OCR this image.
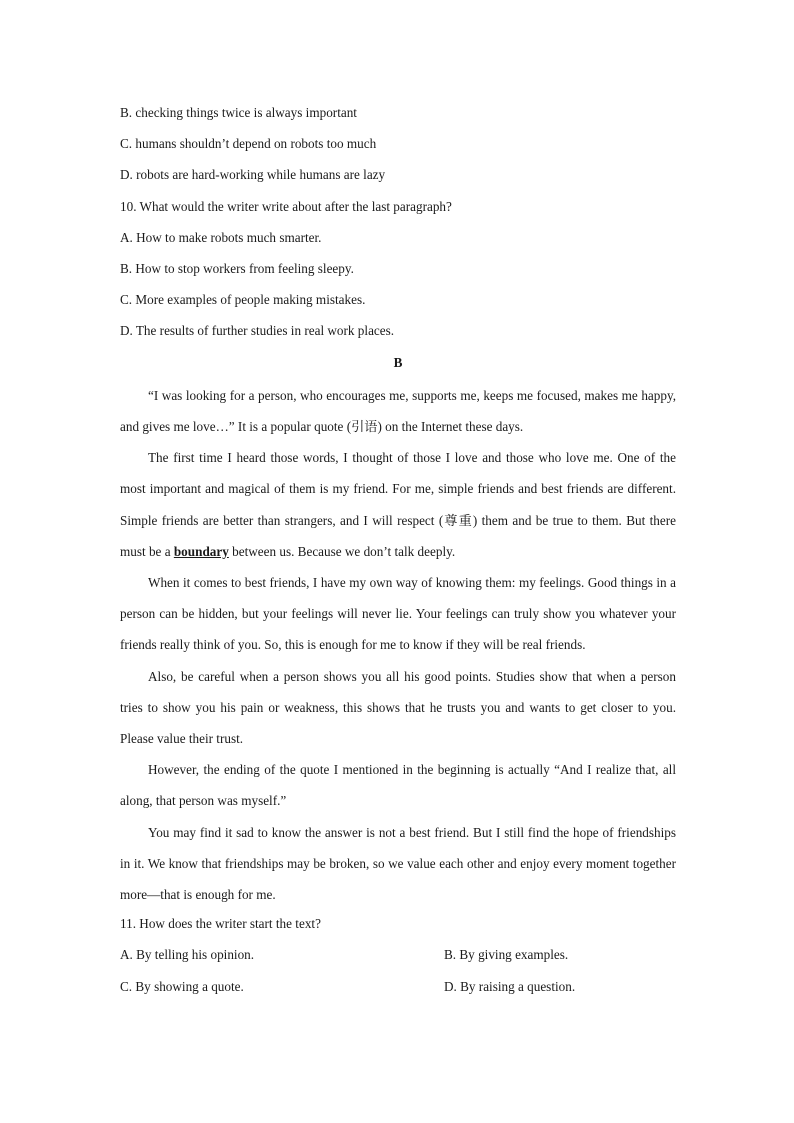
B. checking things twice is always important
C. humans shouldn’t depend on robots too much
D. robots are hard-working while humans are lazy
10. What would the writer write about after the last paragraph?
A. How to make robots much smarter.
B. How to stop workers from feeling sleepy.
C. More examples of people making mistakes.
D. The results of further studies in real work places.
B
“I was looking for a person, who encourages me, supports me, keeps me focused, makes me happy, and gives me love…” It is a popular quote (引语) on the Internet these days.
The first time I heard those words, I thought of those I love and those who love me. One of the most important and magical of them is my friend. For me, simple friends and best friends are different. Simple friends are better than strangers, and I will respect (尊重) them and be true to them. But there must be a boundary between us. Because we don’t talk deeply.
When it comes to best friends, I have my own way of knowing them: my feelings. Good things in a person can be hidden, but your feelings will never lie. Your feelings can truly show you whatever your friends really think of you. So, this is enough for me to know if they will be real friends.
Also, be careful when a person shows you all his good points. Studies show that when a person tries to show you his pain or weakness, this shows that he trusts you and wants to get closer to you. Please value their trust.
However, the ending of the quote I mentioned in the beginning is actually “And I realize that, all along, that person was myself.”
You may find it sad to know the answer is not a best friend. But I still find the hope of friendships in it. We know that friendships may be broken, so we value each other and enjoy every moment together more—that is enough for me.
11. How does the writer start the text?
A. By telling his opinion.	B. By giving examples.
C. By showing a quote.	D. By raising a question.
